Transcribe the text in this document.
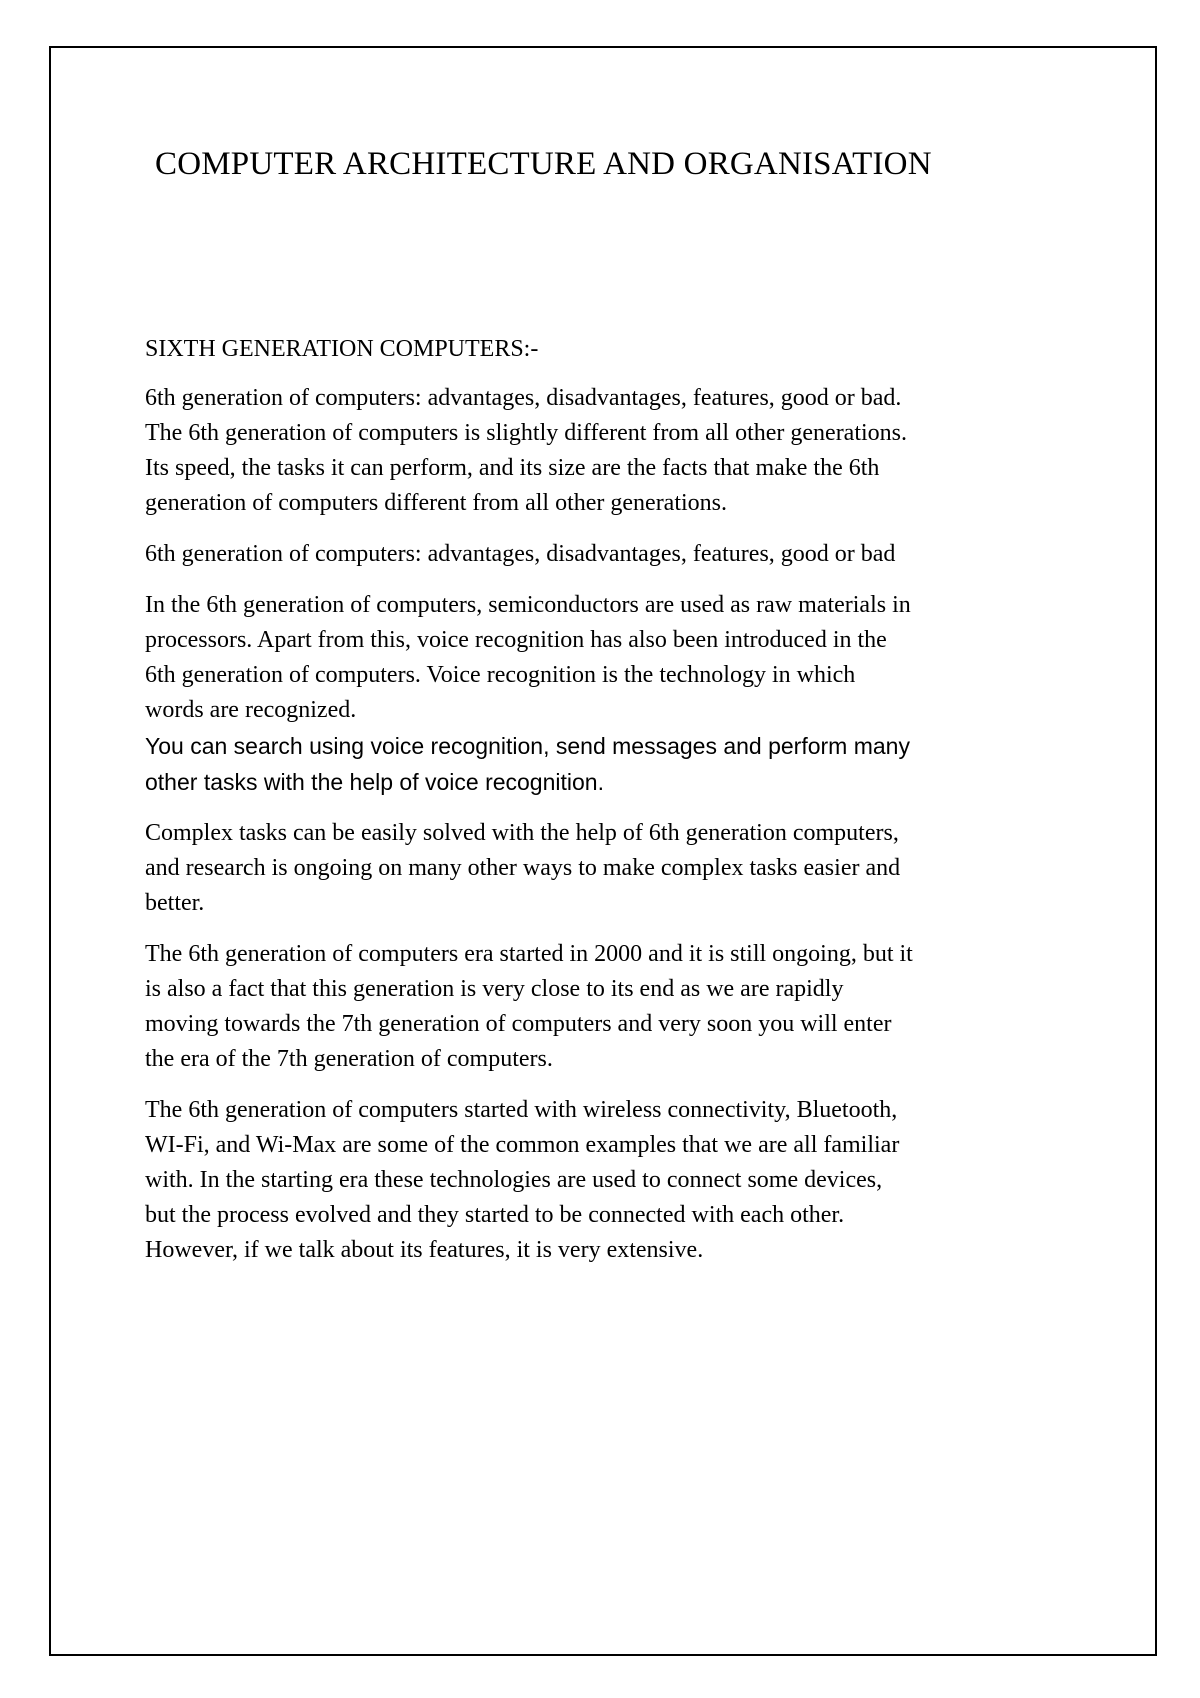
COMPUTER ARCHITECTURE AND ORGANISATION

SIXTH GENERATION COMPUTERS:-

6th generation of computers: advantages, disadvantages, features, good or bad.
The 6th generation of computers is slightly different from all other generations.
Its speed, the tasks it can perform, and its size are the facts that make the 6th
generation of computers different from all other generations.

6th generation of computers: advantages, disadvantages, features, good or bad

In the 6th generation of computers, semiconductors are used as raw materials in
processors. Apart from this, voice recognition has also been introduced in the
6th generation of computers. Voice recognition is the technology in which
words are recognized.

You can search using voice recognition, send messages and perform many
other tasks with the help of voice recognition.

Complex tasks can be easily solved with the help of 6th generation computers,
and research is ongoing on many other ways to make complex tasks easier and
better.

The 6th generation of computers era started in 2000 and it is still ongoing, but it
is also a fact that this generation is very close to its end as we are rapidly
moving towards the 7th generation of computers and very soon you will enter
the era of the 7th generation of computers.

The 6th generation of computers started with wireless connectivity, Bluetooth,
WI-Fi, and Wi-Max are some of the common examples that we are all familiar
with. In the starting era these technologies are used to connect some devices,
but the process evolved and they started to be connected with each other.
However, if we talk about its features, it is very extensive.
